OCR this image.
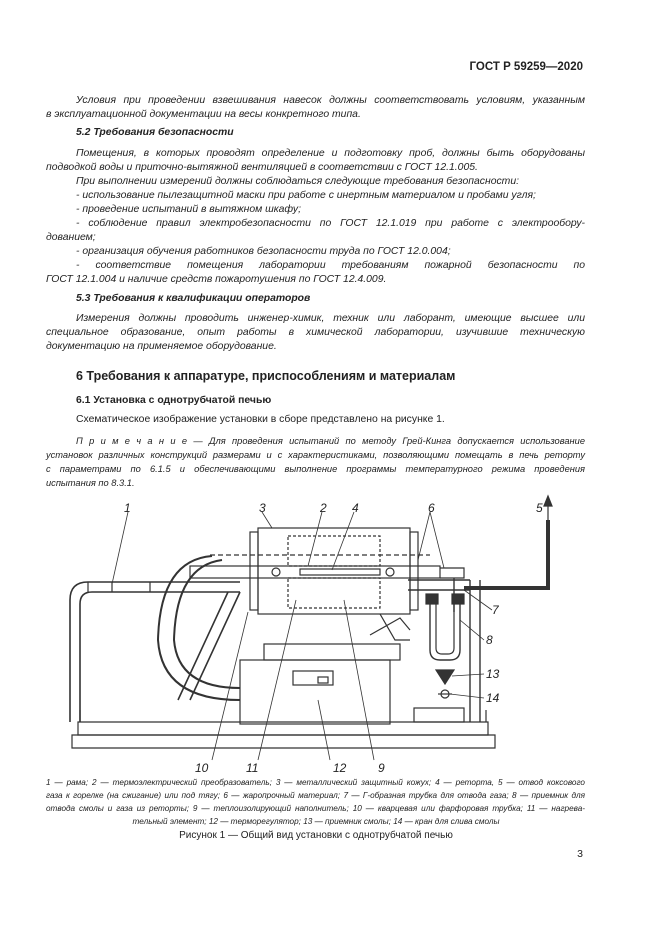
ГОСТ Р 59259—2020
Условия при проведении взвешивания навесок должны соответствовать условиям, указанным
в эксплуатационной документации на весы конкретного типа.
5.2 Требования безопасности
Помещения, в которых проводят определение и подготовку проб, должны быть оборудованы
подводкой воды и приточно-вытяжной вентиляцией в соответствии с ГОСТ 12.1.005.
При выполнении измерений должны соблюдаться следующие требования безопасности:
- использование пылезащитной маски при работе с инертным материалом и пробами угля;
- проведение испытаний в вытяжном шкафу;
- соблюдение правил электробезопасности по ГОСТ 12.1.019 при работе с электрообору-
дованием;
- организация обучения работников безопасности труда по ГОСТ 12.0.004;
- соответствие помещения лаборатории требованиям пожарной безопасности по
ГОСТ 12.1.004 и наличие средств пожаротушения по ГОСТ 12.4.009.
5.3 Требования к квалификации операторов
Измерения должны проводить инженер-химик, техник или лаборант, имеющие высшее или
специальное образование, опыт работы в химической лаборатории, изучившие техническую
документацию на применяемое оборудование.
6 Требования к аппаратуре, приспособлениям и материалам
6.1 Установка с однотрубчатой печью
Схематическое изображение установки в сборе представлено на рисунке 1.
П р и м е ч а н и е — Для проведения испытаний по методу Грей-Кинга допускается использование
установок различных конструкций размерами и с характеристиками, позволяющими помещать в печь реторту
с параметрами по 6.1.5 и обеспечивающими выполнение программы температурного режима проведения
испытания по 8.3.1.
1	2
3	4	5
6
7
8
9
10	11	12
13
14
1 — рама; 2 — термоэлектрический преобразователь; 3 — металлический защитный кожух; 4 — реторта, 5 — отвод коксового
газа к горелке (на сжигание) или под тягу; 6 — жаропрочный материал; 7 — Г-образная трубка для отвода газа; 8 — приемник для
отвода смолы и газа из реторты; 9 — теплоизолирующий наполнитель; 10 — кварцевая или фарфоровая трубка; 11 — нагрева-
тельный элемент; 12 — терморегулятор; 13 — приемник смолы; 14 — кран для слива смолы
Рисунок 1 — Общий вид установки с однотрубчатой печью
3
